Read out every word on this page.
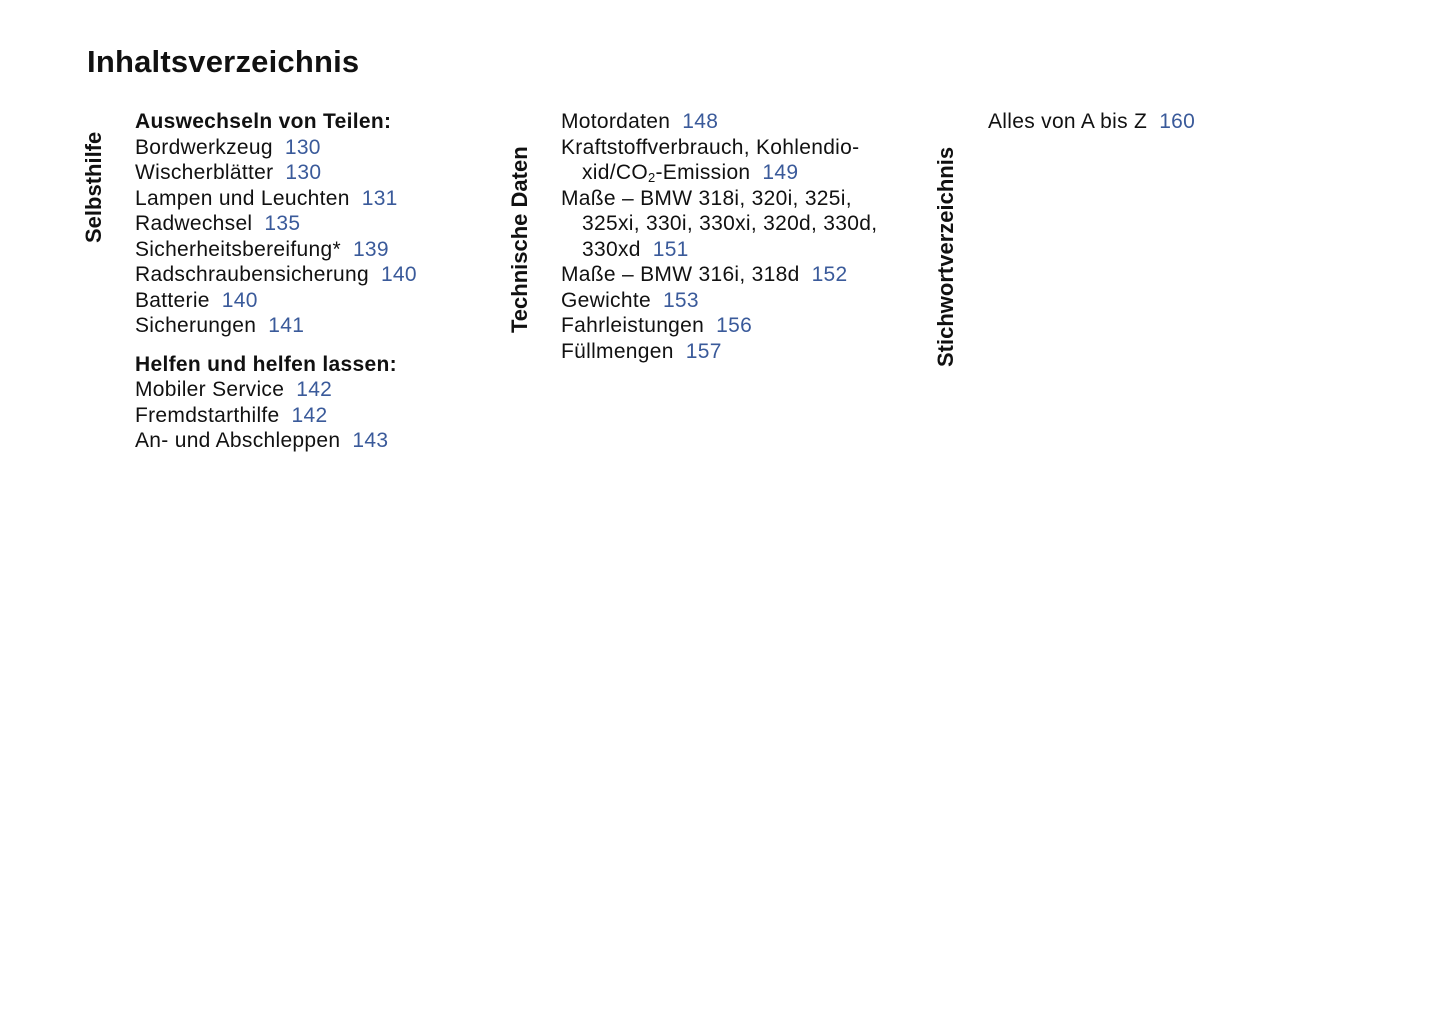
Inhaltsverzeichnis
Selbsthilfe
Auswechseln von Teilen:
Bordwerkzeug 130
Wischerblätter 130
Lampen und Leuchten 131
Radwechsel 135
Sicherheitsbereifung* 139
Radschraubensicherung 140
Batterie 140
Sicherungen 141
Helfen und helfen lassen:
Mobiler Service 142
Fremdstarthilfe 142
An- und Abschleppen 143
Technische Daten
Motordaten 148
Kraftstoffverbrauch, Kohlendio-
xid/$CO_2$-Emission 149
Maße – BMW 318i, 320i, 325i,
325xi, 330i, 330xi, 320d, 330d,
330xd 151
Maße – BMW 316i, 318d 152
Gewichte 153
Fahrleistungen 156
Füllmengen 157	Stichwortverzeichnis
Alles von A bis Z 160
